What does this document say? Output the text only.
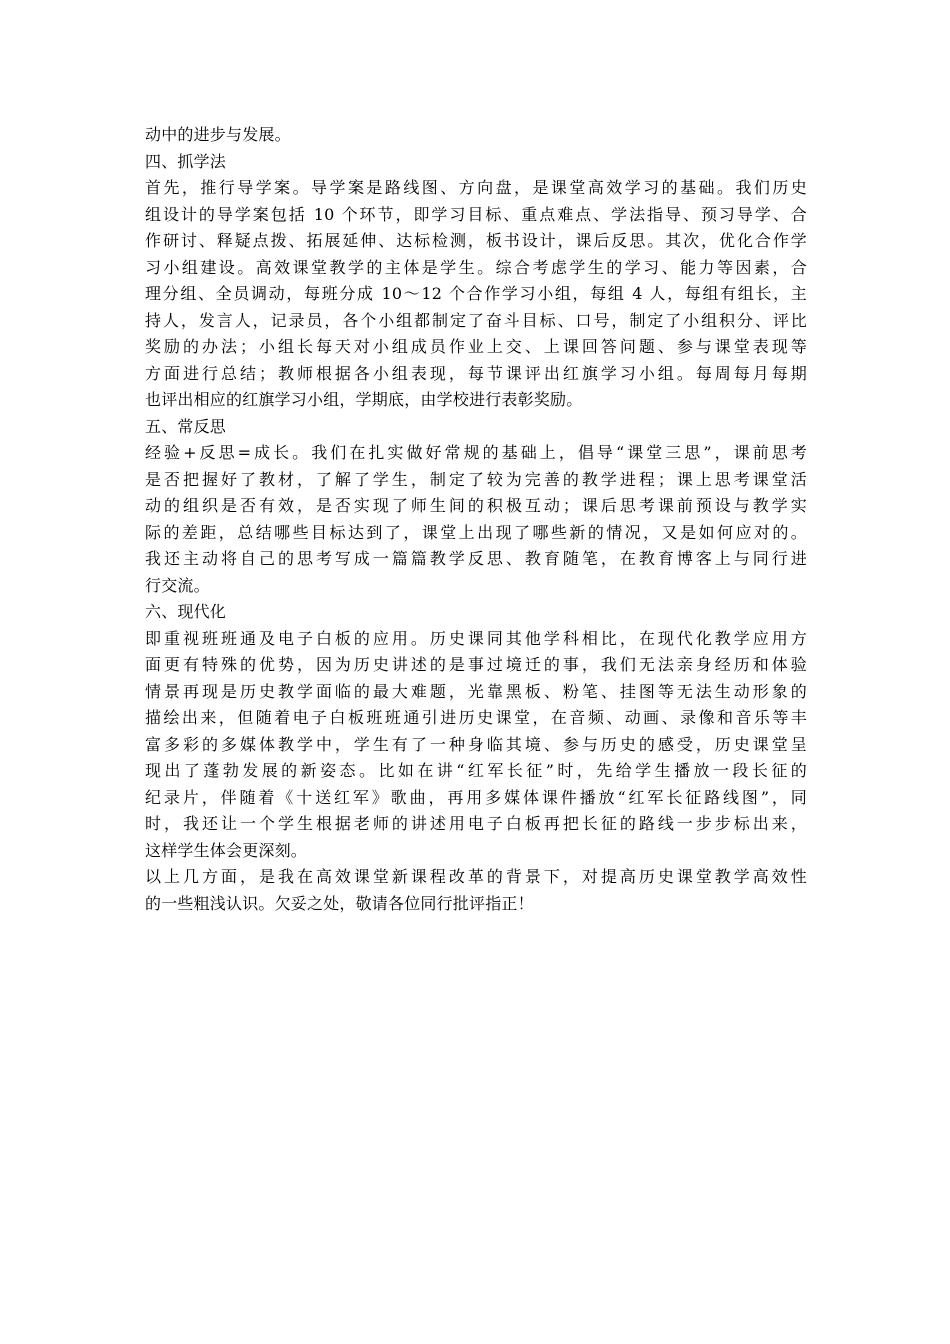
动中的进步与发展。

四、抓学法

首先，推行导学案。导学案是路线图、方向盘，是课堂高效学习的基础。我们历史

组设计的导学案包括 10 个环节，即学习目标、重点难点、学法指导、预习导学、合

作研讨、释疑点拨、拓展延伸、达标检测，板书设计，课后反思。其次，优化合作学

习小组建设。高效课堂教学的主体是学生。综合考虑学生的学习、能力等因素，合

理分组、全员调动，每班分成 10～12 个合作学习小组，每组 4 人，每组有组长，主

持人，发言人，记录员，各个小组都制定了奋斗目标、口号，制定了小组积分、评比

奖励的办法；小组长每天对小组成员作业上交、上课回答问题、参与课堂表现等

方面进行总结；教师根据各小组表现，每节课评出红旗学习小组。每周每月每期

也评出相应的红旗学习小组，学期底，由学校进行表彰奖励。

五、常反思

经验+反思=成长。我们在扎实做好常规的基础上，倡导“课堂三思”，课前思考

是否把握好了教材，了解了学生，制定了较为完善的教学进程；课上思考课堂活

动的组织是否有效，是否实现了师生间的积极互动；课后思考课前预设与教学实

际的差距，总结哪些目标达到了，课堂上出现了哪些新的情况，又是如何应对的。

我还主动将自己的思考写成一篇篇教学反思、教育随笔，在教育博客上与同行进

行交流。

六、现代化

即重视班班通及电子白板的应用。历史课同其他学科相比，在现代化教学应用方

面更有特殊的优势，因为历史讲述的是事过境迁的事，我们无法亲身经历和体验

情景再现是历史教学面临的最大难题，光靠黑板、粉笔、挂图等无法生动形象的

描绘出来，但随着电子白板班班通引进历史课堂，在音频、动画、录像和音乐等丰

富多彩的多媒体教学中，学生有了一种身临其境、参与历史的感受，历史课堂呈

现出了蓬勃发展的新姿态。比如在讲“红军长征”时，先给学生播放一段长征的

纪录片，伴随着《十送红军》歌曲，再用多媒体课件播放“红军长征路线图”，同

时，我还让一个学生根据老师的讲述用电子白板再把长征的路线一步步标出来，

这样学生体会更深刻。

以上几方面，是我在高效课堂新课程改革的背景下，对提高历史课堂教学高效性

的一些粗浅认识。欠妥之处，敬请各位同行批评指正！
